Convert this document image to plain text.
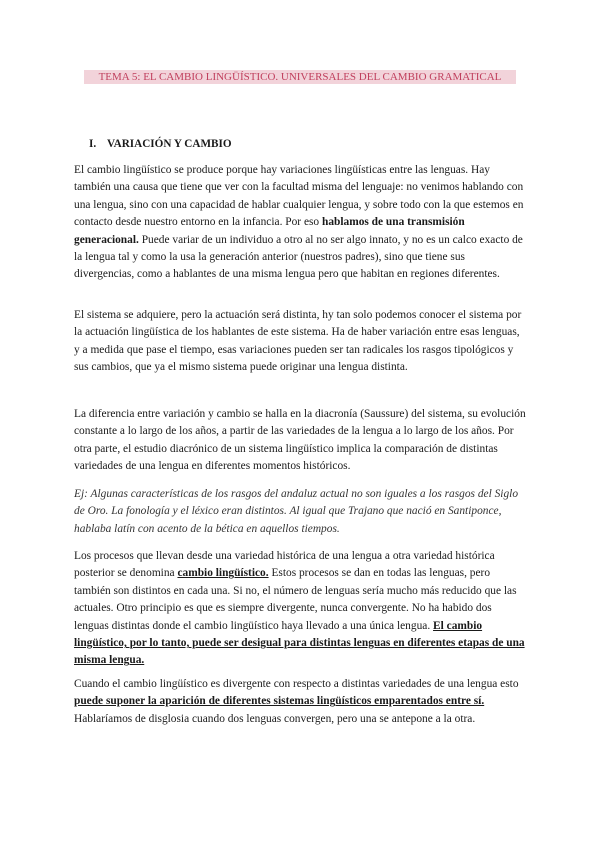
TEMA 5: EL CAMBIO LINGÜÍSTICO. UNIVERSALES DEL CAMBIO GRAMATICAL
I. VARIACIÓN Y CAMBIO

El cambio lingüístico se produce porque hay variaciones lingüísticas entre las lenguas. Hay también una causa que tiene que ver con la facultad misma del lenguaje: no venimos hablando con una lengua, sino con una capacidad de hablar cualquier lengua, y sobre todo con la que estemos en contacto desde nuestro entorno en la infancia. Por eso hablamos de una transmisión generacional. Puede variar de un individuo a otro al no ser algo innato, y no es un calco exacto de la lengua tal y como la usa la generación anterior (nuestros padres), sino que tiene sus divergencias, como a hablantes de una misma lengua pero que habitan en regiones diferentes.

El sistema se adquiere, pero la actuación será distinta, hy tan solo podemos conocer el sistema por la actuación lingüística de los hablantes de este sistema. Ha de haber variación entre esas lenguas, y a medida que pase el tiempo, esas variaciones pueden ser tan radicales los rasgos tipológicos y sus cambios, que ya el mismo sistema puede originar una lengua distinta.

La diferencia entre variación y cambio se halla en la diacronía (Saussure) del sistema, su evolución constante a lo largo de los años, a partir de las variedades de la lengua a lo largo de los años. Por otra parte, el estudio diacrónico de un sistema lingüístico implica la comparación de distintas variedades de una lengua en diferentes momentos históricos.

Ej: Algunas características de los rasgos del andaluz actual no son iguales a los rasgos del Siglo de Oro. La fonología y el léxico eran distintos. Al igual que Trajano que nació en Santiponce, hablaba latín con acento de la bética en aquellos tiempos.

Los procesos que llevan desde una variedad histórica de una lengua a otra variedad histórica posterior se denomina cambio lingüístico. Estos procesos se dan en todas las lenguas, pero también son distintos en cada una. Si no, el número de lenguas sería mucho más reducido que las actuales. Otro principio es que es siempre divergente, nunca convergente. No ha habido dos lenguas distintas donde el cambio lingüístico haya llevado a una única lengua. El cambio lingüístico, por lo tanto, puede ser desigual para distintas lenguas en diferentes etapas de una misma lengua.

Cuando el cambio lingüístico es divergente con respecto a distintas variedades de una lengua esto puede suponer la aparición de diferentes sistemas lingüísticos emparentados entre sí. Hablaríamos de disglosia cuando dos lenguas convergen, pero una se antepone a la otra.
